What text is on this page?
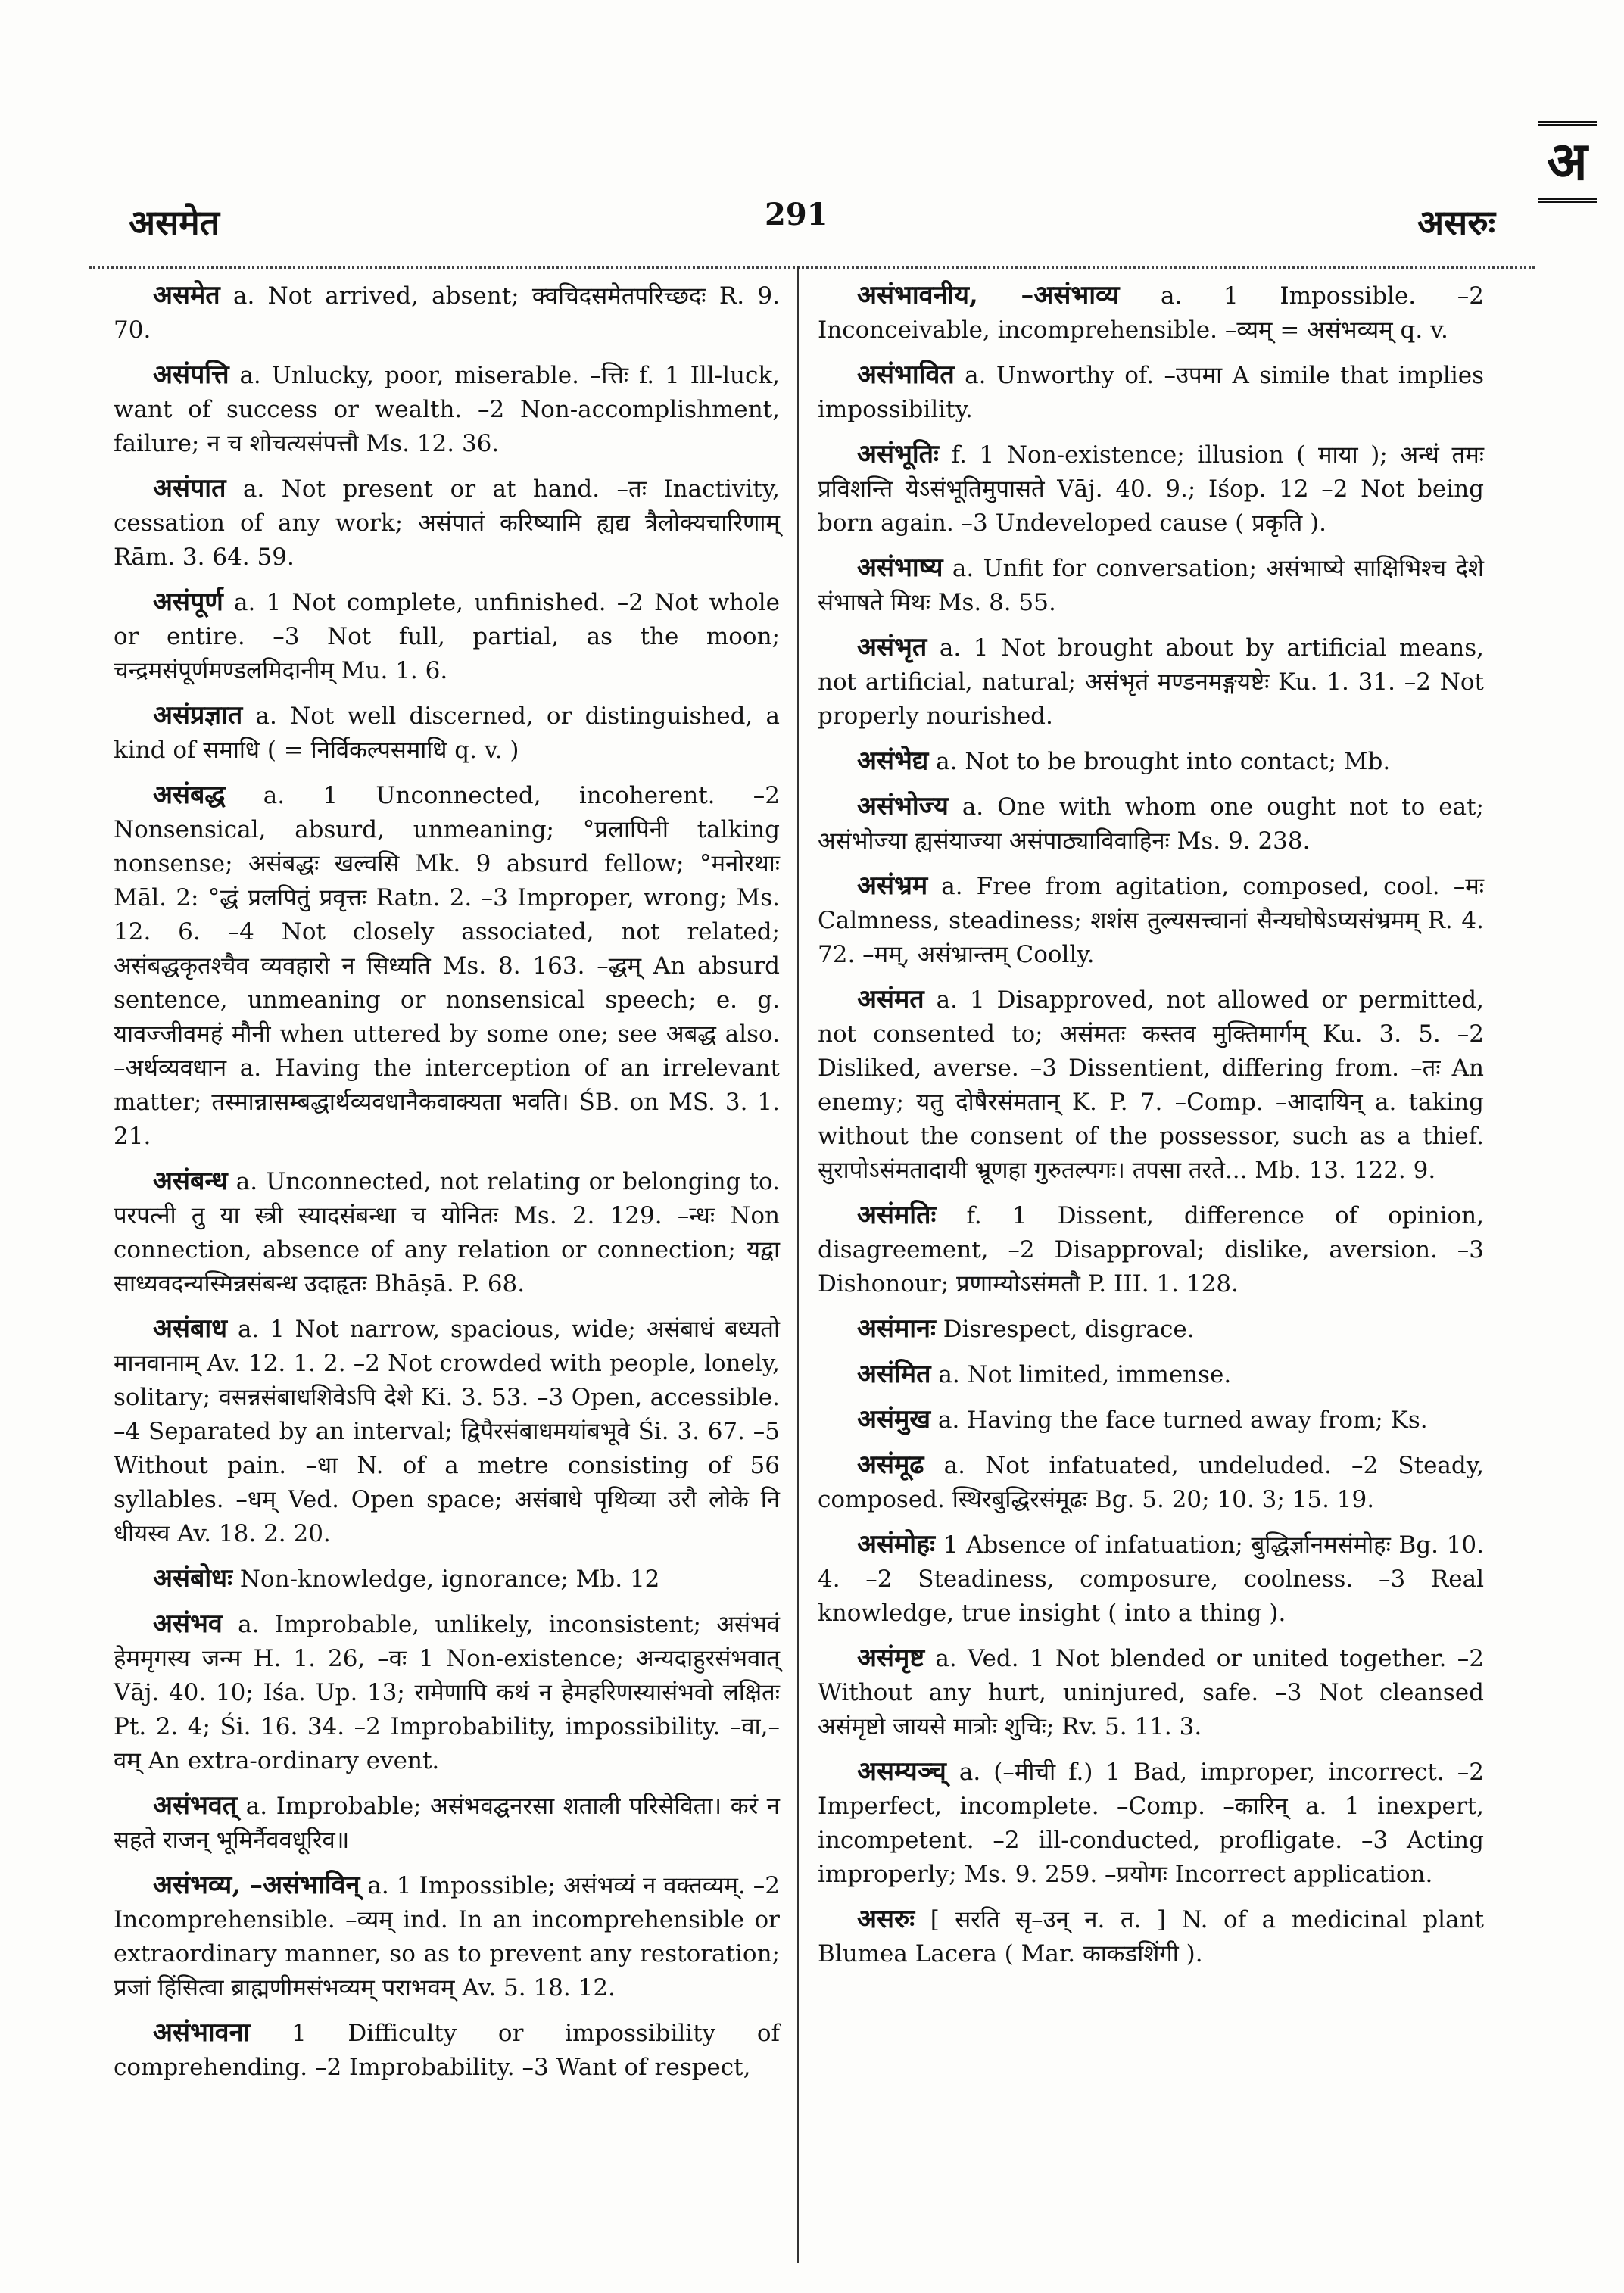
अ
असमेत	291	असरुः

असमेत a. Not arrived, absent; क्वचिदसमेतपरिच्छदः R. 9. 70.

असंपत्ति a. Unlucky, poor, miserable. –त्तिः f. 1 Ill-luck, want of success or wealth. –2 Non-accomplishment, failure; न च शोचत्यसंपत्तौ Ms. 12. 36.

असंपात a. Not present or at hand. –तः Inactivity, cessation of any work; असंपातं करिष्यामि ह्यद्य त्रैलोक्यचारिणाम् Rām. 3. 64. 59.

असंपूर्ण a. 1 Not complete, unfinished. –2 Not whole or entire. –3 Not full, partial, as the moon; चन्द्रमसंपूर्णमण्डलमिदानीम् Mu. 1. 6.

असंप्रज्ञात a. Not well discerned, or distinguished, a kind of समाधि ( = निर्विकल्पसमाधि q. v. )

असंबद्ध a. 1 Unconnected, incoherent. –2 Nonsensical, absurd, unmeaning; °प्रलापिनी talking nonsense; असंबद्धः खल्वसि Mk. 9 absurd fellow; °मनोरथाः Māl. 2: °द्धं प्रलपितुं प्रवृत्तः Ratn. 2. –3 Improper, wrong; Ms. 12. 6. –4 Not closely associated, not related; असंबद्धकृतश्चैव व्यवहारो न सिध्यति Ms. 8. 163. –द्धम् An absurd sentence, unmeaning or nonsensical speech; e. g. यावज्जीवमहं मौनी when uttered by some one; see अबद्ध also. –अर्थव्यवधान a. Having the interception of an irrelevant matter; तस्मान्नासम्बद्धार्थव्यवधानैकवाक्यता भवति। ŚB. on MS. 3. 1. 21.

असंबन्ध a. Unconnected, not relating or belonging to. परपत्नी तु या स्त्री स्यादसंबन्धा च योनितः Ms. 2. 129. –न्धः Non connection, absence of any relation or connection; यद्वा साध्यवदन्यस्मिन्नसंबन्ध उदाहृतः Bhāṣā. P. 68.

असंबाध a. 1 Not narrow, spacious, wide; असंबाधं बध्यतो मानवानाम् Av. 12. 1. 2. –2 Not crowded with people, lonely, solitary; वसन्नसंबाधशिवेऽपि देशे Ki. 3. 53. –3 Open, accessible. –4 Separated by an interval; द्विपैरसंबाधमयांबभूवे Śi. 3. 67. –5 Without pain. –धा N. of a metre consisting of 56 syllables. –धम् Ved. Open space; असंबाधे पृथिव्या उरौ लोके नि धीयस्व Av. 18. 2. 20.

असंबोधः Non-knowledge, ignorance; Mb. 12

असंभव a. Improbable, unlikely, inconsistent; असंभवं हेममृगस्य जन्म H. 1. 26, –वः 1 Non-existence; अन्यदाहुरसंभवात् Vāj. 40. 10; Iśa. Up. 13; रामेणापि कथं न हेमहरिणस्यासंभवो लक्षितः Pt. 2. 4; Śi. 16. 34. –2 Improbability, impossibility. –वा,–वम् An extra-ordinary event.

असंभवत् a. Improbable; असंभवद्घनरसा शताली परिसेविता। करं न सहते राजन् भूमिर्नैववधूरिव॥

असंभव्य, –असंभाविन् a. 1 Impossible; असंभव्यं न वक्तव्यम्. –2 Incomprehensible. –व्यम् ind. In an incomprehensible or extraordinary manner, so as to prevent any restoration; प्रजां हिंसित्वा ब्राह्मणीमसंभव्यम् पराभवम् Av. 5. 18. 12.

असंभावना 1 Difficulty or impossibility of comprehending. –2 Improbability. –3 Want of respect,

असंभावनीय, –असंभाव्य a. 1 Impossible. –2 Inconceivable, incomprehensible. –व्यम् = असंभव्यम् q. v.

असंभावित a. Unworthy of. –उपमा A simile that implies impossibility.

असंभूतिः f. 1 Non-existence; illusion ( माया ); अन्धं तमः प्रविशन्ति येऽसंभूतिमुपासते Vāj. 40. 9.; Iśop. 12 –2 Not being born again. –3 Undeveloped cause ( प्रकृति ).

असंभाष्य a. Unfit for conversation; असंभाष्ये साक्षिभिश्च देशे संभाषते मिथः Ms. 8. 55.

असंभृत a. 1 Not brought about by artificial means, not artificial, natural; असंभृतं मण्डनमङ्गयष्टेः Ku. 1. 31. –2 Not properly nourished.

असंभेद्य a. Not to be brought into contact; Mb.

असंभोज्य a. One with whom one ought not to eat; असंभोज्या ह्यसंयाज्या असंपाठ्याविवाहिनः Ms. 9. 238.

असंभ्रम a. Free from agitation, composed, cool. –मः Calmness, steadiness; शशंस तुल्यसत्त्वानां सैन्यघोषेऽप्यसंभ्रमम् R. 4. 72. –मम्, असंभ्रान्तम् Coolly.

असंमत a. 1 Disapproved, not allowed or permitted, not consented to; असंमतः कस्तव मुक्तिमार्गम् Ku. 3. 5. –2 Disliked, averse. –3 Dissentient, differing from. –तः An enemy; यतु दोषैरसंमतान् K. P. 7. –Comp. –आदायिन् a. taking without the consent of the possessor, such as a thief. सुरापोऽसंमतादायी भ्रूणहा गुरुतल्पगः। तपसा तरते... Mb. 13. 122. 9.

असंमतिः f. 1 Dissent, difference of opinion, disagreement, –2 Disapproval; dislike, aversion. –3 Dishonour; प्रणाम्योऽसंमतौ P. III. 1. 128.

असंमानः Disrespect, disgrace.

असंमित a. Not limited, immense.

असंमुख a. Having the face turned away from; Ks.

असंमूढ a. Not infatuated, undeluded. –2 Steady, composed. स्थिरबुद्धिरसंमूढः Bg. 5. 20; 10. 3; 15. 19.

असंमोहः 1 Absence of infatuation; बुद्धिर्ज्ञानमसंमोहः Bg. 10. 4. –2 Steadiness, composure, coolness. –3 Real knowledge, true insight ( into a thing ).

असंमृष्ट a. Ved. 1 Not blended or united together. –2 Without any hurt, uninjured, safe. –3 Not cleansed असंमृष्टो जायसे मात्रोः शुचिः; Rv. 5. 11. 3.

असम्यञ्च् a. (–मीची f.) 1 Bad, improper, incorrect. –2 Imperfect, incomplete. –Comp. –कारिन् a. 1 inexpert, incompetent. –2 ill-conducted, profligate. –3 Acting improperly; Ms. 9. 259. –प्रयोगः Incorrect application.

असरुः [ सरति सृ–उन् न. त. ] N. of a medicinal plant Blumea Lacera ( Mar. काकडशिंगी ).
